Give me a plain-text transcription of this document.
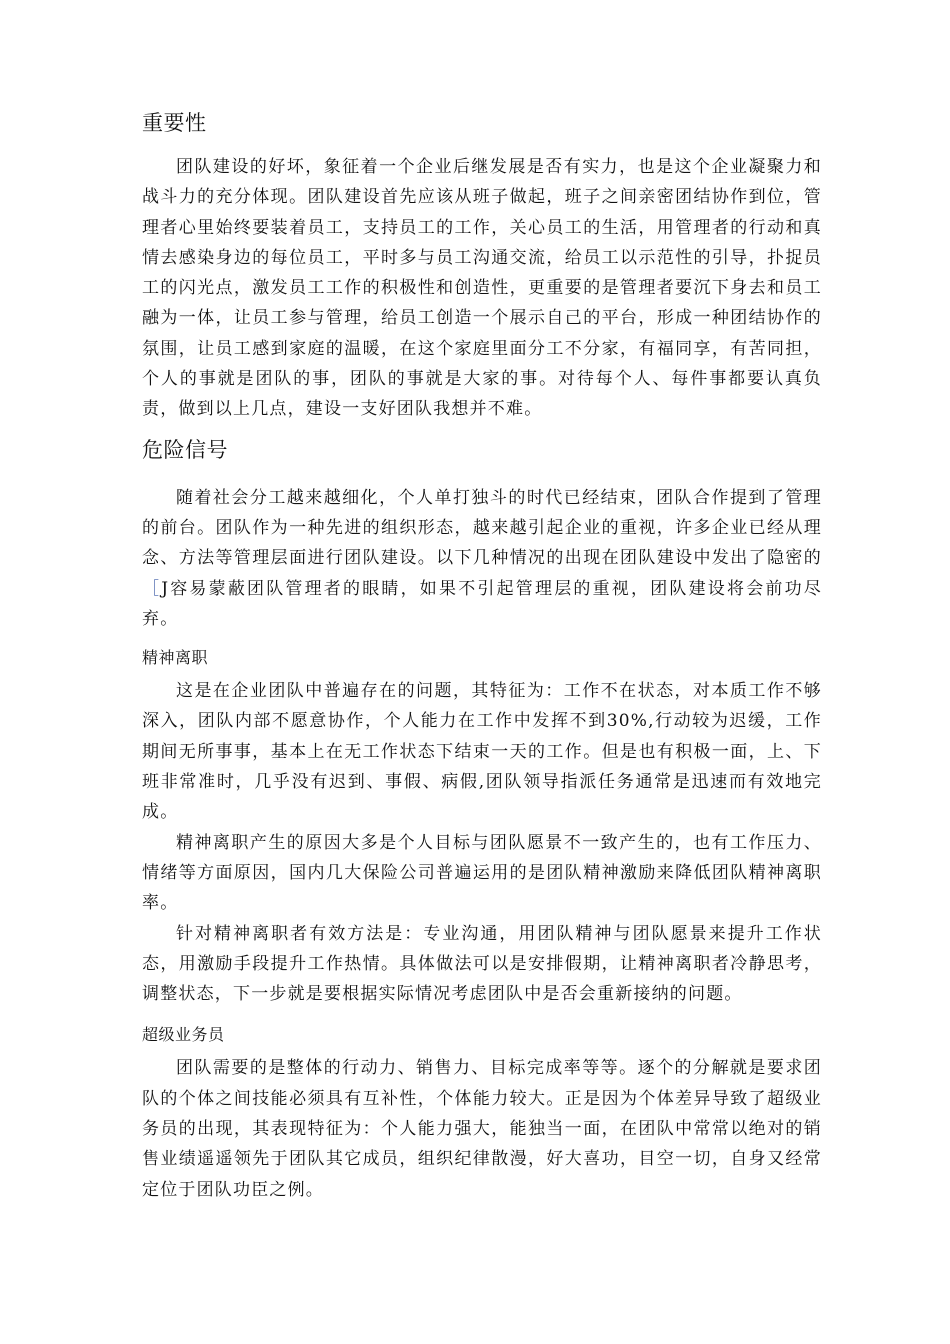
重要性

团队建设的好坏，象征着一个企业后继发展是否有实力，也是这个企业凝聚力和战斗力的充分体现。团队建设首先应该从班子做起，班子之间亲密团结协作到位，管理者心里始终要装着员工，支持员工的工作，关心员工的生活，用管理者的行动和真情去感染身边的每位员工，平时多与员工沟通交流，给员工以示范性的引导，扑捉员工的闪光点，激发员工工作的积极性和创造性，更重要的是管理者要沉下身去和员工融为一体，让员工参与管理，给员工创造一个展示自己的平台，形成一种团结协作的氛围，让员工感到家庭的温暖，在这个家庭里面分工不分家，有福同享，有苦同担，个人的事就是团队的事，团队的事就是大家的事。对待每个人、每件事都要认真负责，做到以上几点，建设一支好团队我想并不难。

危险信号

随着社会分工越来越细化，个人单打独斗的时代已经结束，团队合作提到了管理的前台。团队作为一种先进的组织形态，越来越引起企业的重视，许多企业已经从理念、方法等管理层面进行团队建设。以下几种情况的出现在团队建设中发出了隐密的［J容易蒙蔽团队管理者的眼睛，如果不引起管理层的重视，团队建设将会前功尽弃。

精神离职

这是在企业团队中普遍存在的问题，其特征为：工作不在状态，对本质工作不够深入，团队内部不愿意协作，个人能力在工作中发挥不到30%,行动较为迟缓，工作期间无所事事，基本上在无工作状态下结束一天的工作。但是也有积极一面，上、下班非常准时，几乎没有迟到、事假、病假,团队领导指派任务通常是迅速而有效地完成。

精神离职产生的原因大多是个人目标与团队愿景不一致产生的，也有工作压力、情绪等方面原因，国内几大保险公司普遍运用的是团队精神激励来降低团队精神离职率。

针对精神离职者有效方法是：专业沟通，用团队精神与团队愿景来提升工作状态，用激励手段提升工作热情。具体做法可以是安排假期，让精神离职者冷静思考，调整状态，下一步就是要根据实际情况考虑团队中是否会重新接纳的问题。

超级业务员

团队需要的是整体的行动力、销售力、目标完成率等等。逐个的分解就是要求团队的个体之间技能必须具有互补性，个体能力较大。正是因为个体差异导致了超级业务员的出现，其表现特征为：个人能力强大，能独当一面，在团队中常常以绝对的销售业绩遥遥领先于团队其它成员，组织纪律散漫，好大喜功，目空一切，自身又经常定位于团队功臣之例。
